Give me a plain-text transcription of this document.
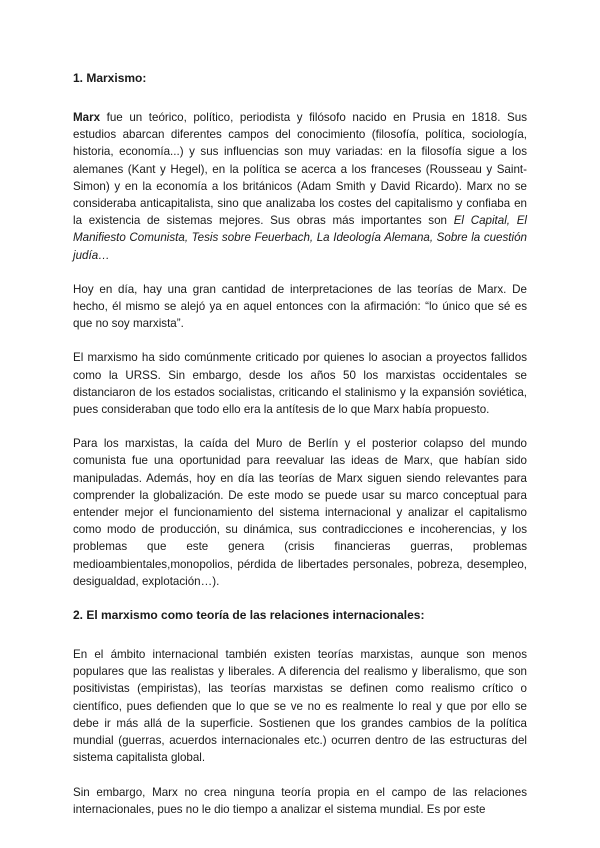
1. Marxismo:

Marx fue un teórico, político, periodista y filósofo nacido en Prusia en 1818. Sus estudios abarcan diferentes campos del conocimiento (filosofía, política, sociología, historia, economía...) y sus influencias son muy variadas: en la filosofía sigue a los alemanes (Kant y Hegel), en la política se acerca a los franceses (Rousseau y Saint-Simon) y en la economía a los británicos (Adam Smith y David Ricardo). Marx no se consideraba anticapitalista, sino que analizaba los costes del capitalismo y confiaba en la existencia de sistemas mejores. Sus obras más importantes son El Capital, El Manifiesto Comunista, Tesis sobre Feuerbach, La Ideología Alemana, Sobre la cuestión judía…

Hoy en día, hay una gran cantidad de interpretaciones de las teorías de Marx. De hecho, él mismo se alejó ya en aquel entonces con la afirmación: “lo único que sé es que no soy marxista”.

El marxismo ha sido comúnmente criticado por quienes lo asocian a proyectos fallidos como la URSS. Sin embargo, desde los años 50 los marxistas occidentales se distanciaron de los estados socialistas, criticando el stalinismo y la expansión soviética, pues consideraban que todo ello era la antítesis de lo que Marx había propuesto.

Para los marxistas, la caída del Muro de Berlín y el posterior colapso del mundo comunista fue una oportunidad para reevaluar las ideas de Marx, que habían sido manipuladas. Además, hoy en día las teorías de Marx siguen siendo relevantes para comprender la globalización. De este modo se puede usar su marco conceptual para entender mejor el funcionamiento del sistema internacional y analizar el capitalismo como modo de producción, su dinámica, sus contradicciones e incoherencias, y los problemas que este genera (crisis financieras guerras, problemas medioambientales,monopolios, pérdida de libertades personales, pobreza, desempleo, desigualdad, explotación…).

2. El marxismo como teoría de las relaciones internacionales:

En el ámbito internacional también existen teorías marxistas, aunque son menos populares que las realistas y liberales. A diferencia del realismo y liberalismo, que son positivistas (empiristas), las teorías marxistas se definen como realismo crítico o científico, pues defienden que lo que se ve no es realmente lo real y que por ello se debe ir más allá de la superficie. Sostienen que los grandes cambios de la política mundial (guerras, acuerdos internacionales etc.) ocurren dentro de las estructuras del sistema capitalista global.

Sin embargo, Marx no crea ninguna teoría propia en el campo de las relaciones internacionales, pues no le dio tiempo a analizar el sistema mundial. Es por este
